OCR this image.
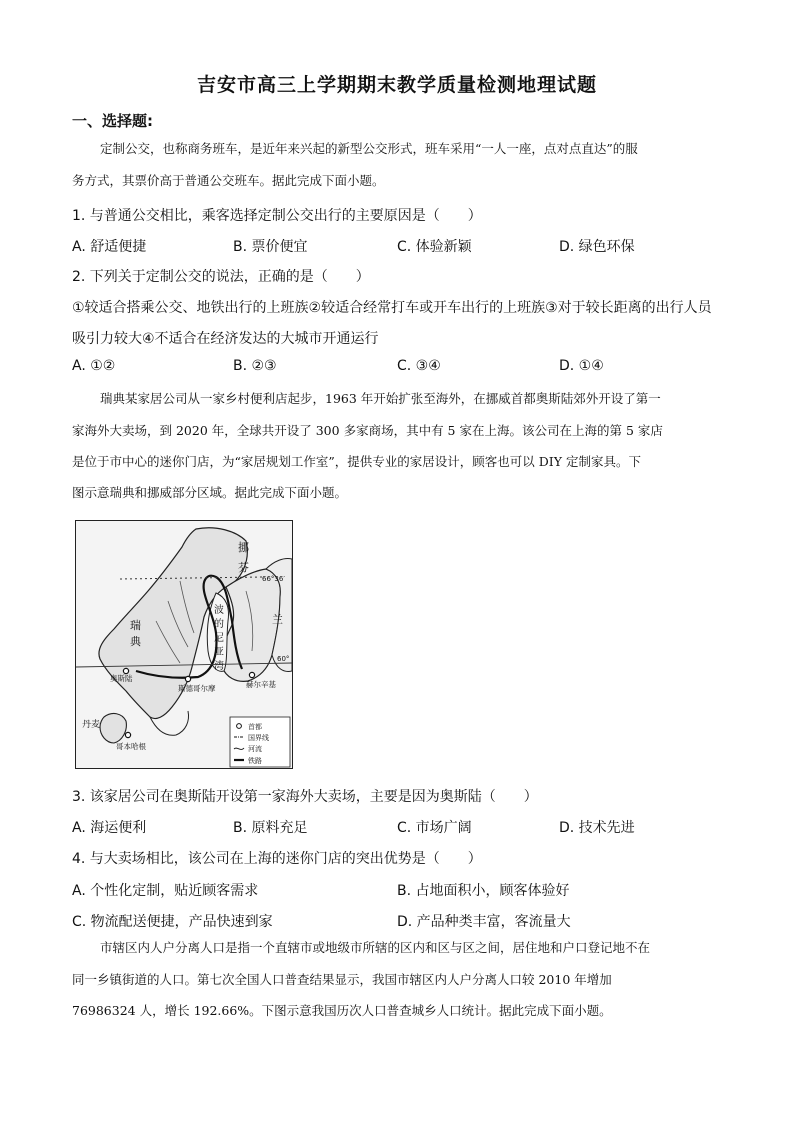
吉安市高三上学期期末教学质量检测地理试题
一、选择题:
定制公交，也称商务班车，是近年来兴起的新型公交形式，班车采用“一人一座，点对点直达”的服
务方式，其票价高于普通公交班车。据此完成下面小题。
1. 与普通公交相比，乘客选择定制公交出行的主要原因是（　　）
A. 舒适便捷	B. 票价便宜	C. 体验新颖	D. 绿色环保
2. 下列关于定制公交的说法，正确的是（　　）
①较适合搭乘公交、地铁出行的上班族②较适合经常打车或开车出行的上班族③对于较长距离的出行人员
吸引力较大④不适合在经济发达的大城市开通运行
A. ①②	B. ②③	C. ③④	D. ①④
瑞典某家居公司从一家乡村便利店起步，1963 年开始扩张至海外，在挪威首都奥斯陆郊外开设了第一
家海外大卖场，到 2020 年，全球共开设了 300 多家商场，其中有 5 家在上海。该公司在上海的第 5 家店
是位于市中心的迷你门店，为“家居规划工作室”，提供专业的家居设计，顾客也可以 DIY 定制家具。下
图示意瑞典和挪威部分区域。据此完成下面小题。
挪
芬
兰
瑞
典
波
的
尼
亚
湾
奥斯陆
斯德哥尔摩	赫尔辛基
丹麦
哥本哈根
66°36′
60°
首都
国界线
河流
铁路
3. 该家居公司在奥斯陆开设第一家海外大卖场，主要是因为奥斯陆（　　）
A. 海运便利	B. 原料充足	C. 市场广阔	D. 技术先进
4. 与大卖场相比，该公司在上海的迷你门店的突出优势是（　　）
A. 个性化定制，贴近顾客需求	B. 占地面积小，顾客体验好
C. 物流配送便捷，产品快速到家	D. 产品种类丰富，客流量大
市辖区内人户分离人口是指一个直辖市或地级市所辖的区内和区与区之间，居住地和户口登记地不在
同一乡镇街道的人口。第七次全国人口普查结果显示，我国市辖区内人户分离人口较 2010 年增加
76986324 人，增长 192.66%。下图示意我国历次人口普查城乡人口统计。据此完成下面小题。
